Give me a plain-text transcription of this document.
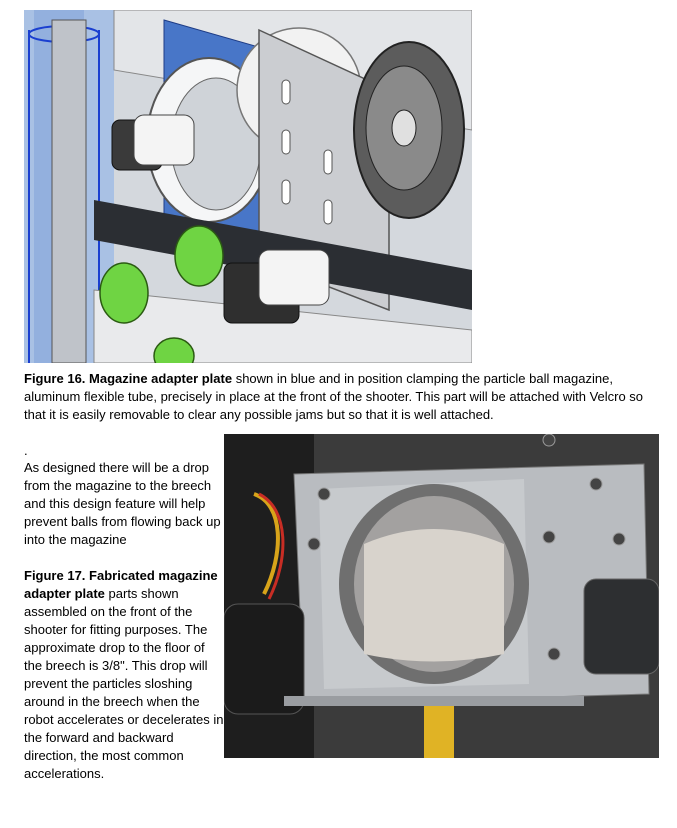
Figure 16. Magazine adapter plate shown in blue and in position clamping the particle ball magazine, aluminum flexible tube, precisely in place at the front of the shooter. This part will be attached with Velcro so that it is easily removable to clear any possible jams but so that it is well attached.
.

As designed there will be a drop from the magazine to the breech and this design feature will help prevent balls from flowing back up into the magazine

Figure 17. Fabricated magazine adapter plate parts shown assembled on the front of the shooter for fitting purposes. The approximate drop to the floor of the breech is 3/8". This drop will prevent the particles sloshing around in the breech when the robot accelerates or decelerates in the forward and backward direction, the most common accelerations.
